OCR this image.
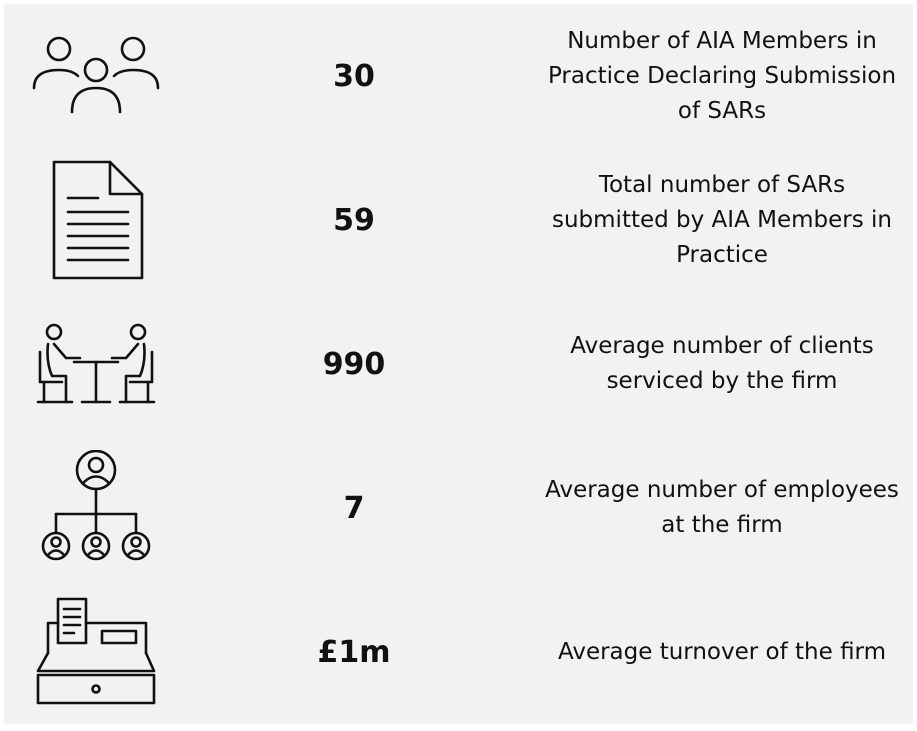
30
Number of AIA Members in Practice Declaring Submission of SARs
59
Total number of SARs submitted by AIA Members in Practice
990
Average number of clients serviced by the firm
7
Average number of employees at the firm
£1m	Average turnover of the firm
